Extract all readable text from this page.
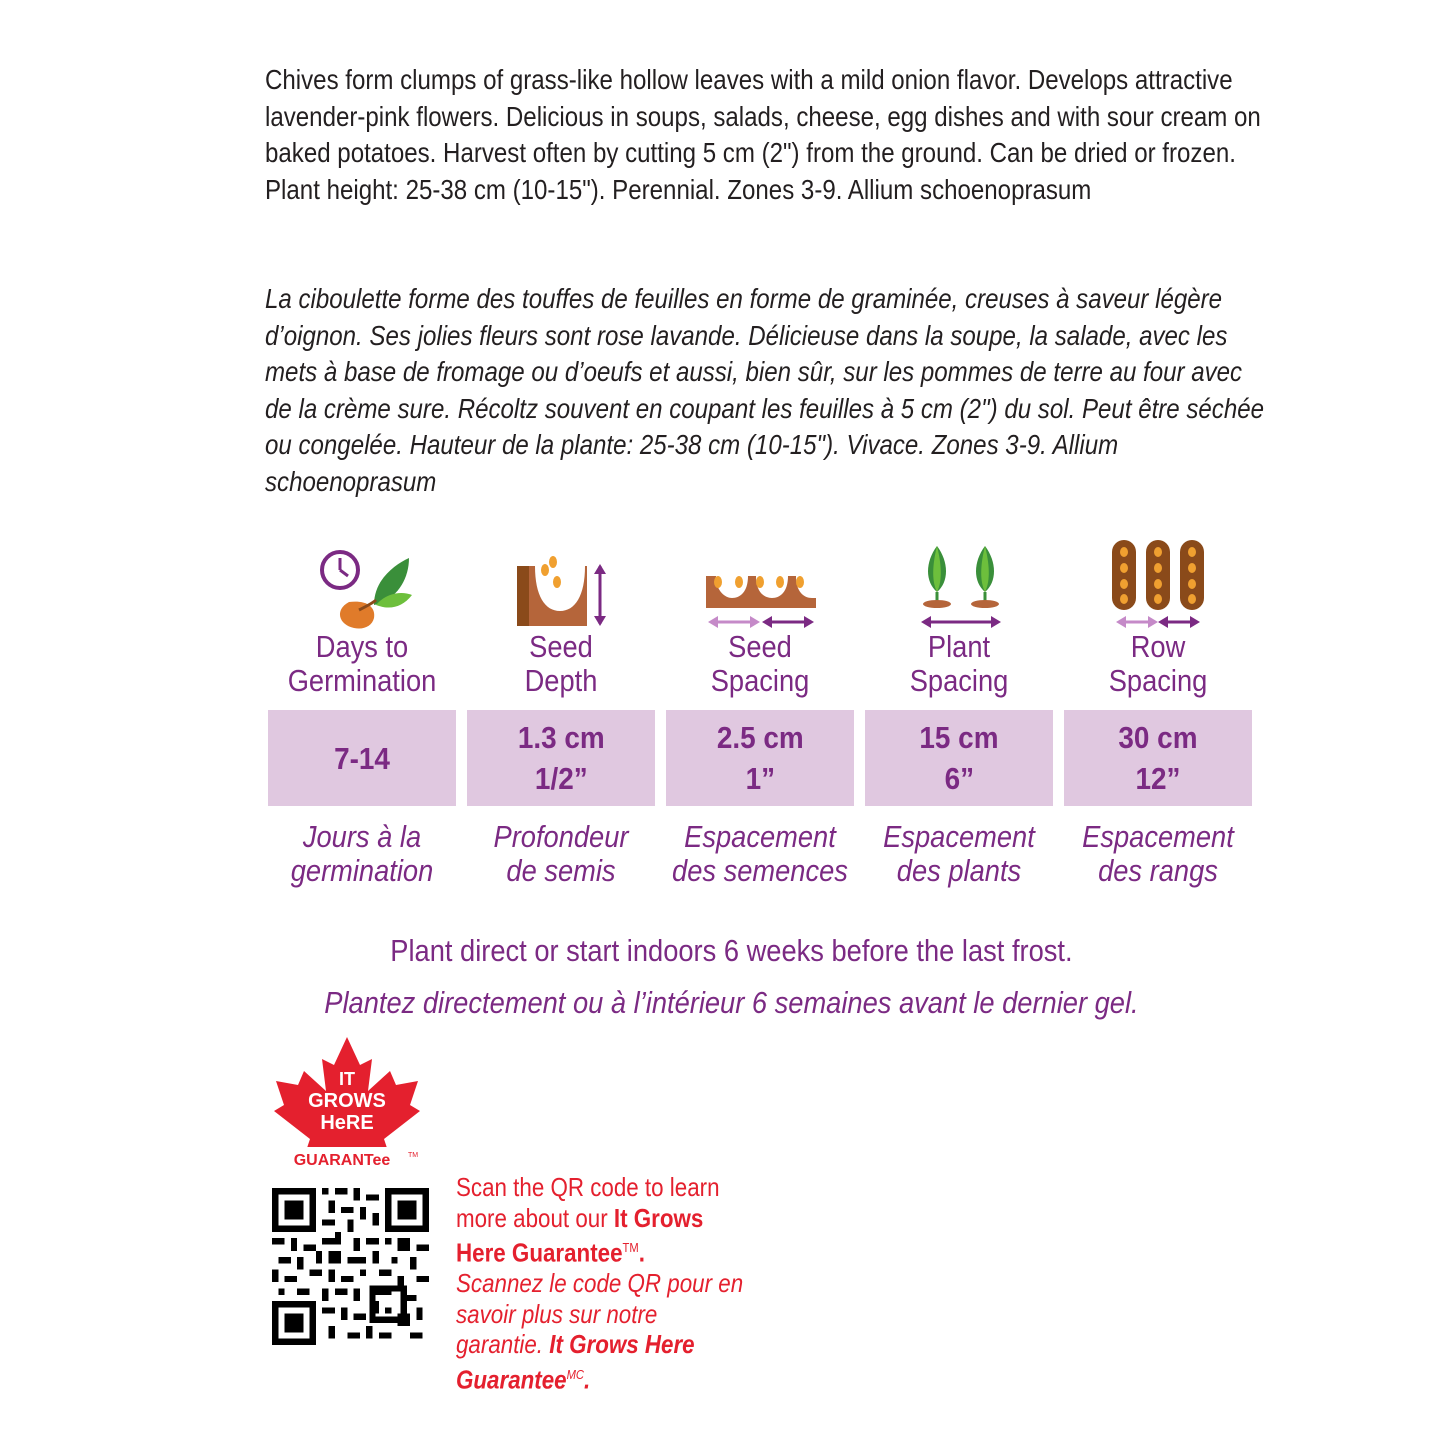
Chives form clumps of grass-like hollow leaves with a mild onion flavor. Develops attractive lavender-pink flowers. Delicious in soups, salads, cheese, egg dishes and with sour cream on baked potatoes. Harvest often by cutting 5 cm (2") from the ground. Can be dried or frozen. Plant height: 25-38 cm (10-15"). Perennial. Zones 3-9. Allium schoenoprasum

La ciboulette forme des touffes de feuilles en forme de graminée, creuses à saveur légère d’oignon. Ses jolies fleurs sont rose lavande. Délicieuse dans la soupe, la salade, avec les mets à base de fromage ou d’oeufs et aussi, bien sûr, sur les pommes de terre au four avec de la crème sure. Récoltz souvent en coupant les feuilles à 5 cm (2") du sol. Peut être séchée ou congelée. Hauteur de la plante: 25-38 cm (10-15"). Vivace. Zones 3-9. Allium schoenoprasum

Days to
Germination
7-14
Jours à la
germination
Seed
Depth
1.3 cm
1/2”
Profondeur
de semis
Seed
Spacing
2.5 cm
1”
Espacement
des semences
Plant
Spacing
15 cm
6”
Espacement
des plants
Row
Spacing
30 cm
12”
Espacement
des rangs
Plant direct or start indoors 6 weeks before the last frost.
Plantez directement ou à l’intérieur 6 semaines avant le dernier gel.
IT
GROWS
HeRE
GUARANTee	TM
Scan the QR code to learn more about our It Grows Here Guarantee™.
Scannez le code QR pour en savoir plus sur notre garantie. It Grows Here Guarantee$^{MC}$.
